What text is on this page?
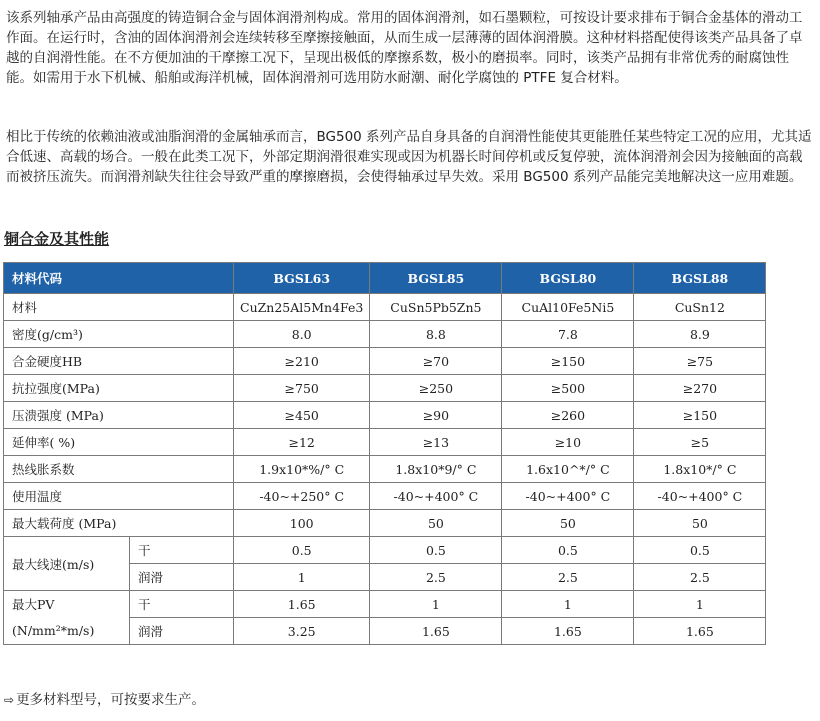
该系列轴承产品由高强度的铸造铜合金与固体润滑剂构成。常用的固体润滑剂，如石墨颗粒，可按设计要求排布于铜合金基体的滑动工作面。在运行时，含油的固体润滑剂会连续转移至摩擦接触面，从而生成一层薄薄的固体润滑膜。这种材料搭配使得该类产品具备了卓越的自润滑性能。在不方便加油的干摩擦工况下，呈现出极低的摩擦系数，极小的磨损率。同时，该类产品拥有非常优秀的耐腐蚀性能。如需用于水下机械、船舶或海洋机械，固体润滑剂可选用防水耐潮、耐化学腐蚀的 PTFE 复合材料。

相比于传统的依赖油液或油脂润滑的金属轴承而言，BG500 系列产品自身具备的自润滑性能使其更能胜任某些特定工况的应用，尤其适合低速、高载的场合。一般在此类工况下，外部定期润滑很难实现或因为机器长时间停机或反复停驶，流体润滑剂会因为接触面的高载而被挤压流失。而润滑剂缺失往往会导致严重的摩擦磨损，会使得轴承过早失效。采用 BG500 系列产品能完美地解决这一应用难题。

铜合金及其性能
材料代码		BGSL63	BGSL85	BGSL80	BGSL88
材料		CuZn25Al5Mn4Fe3	CuSn5Pb5Zn5	CuAl10Fe5Ni5	CuSn12
密度(g/cm³)		8.0	8.8	7.8	8.9
合金硬度HB		≥210	≥70	≥150	≥75
抗拉强度(MPa)		≥750	≥250	≥500	≥270
压溃强度 (MPa)		≥450	≥90	≥260	≥150
延伸率( %)		≥12	≥13	≥10	≥5
热线胀系数		1.9x10*%/° C	1.8x10*9/° C	1.6x10^*/° C	1.8x10*/° C
使用温度		-40~+250° C	-40~+400° C	-40~+400° C	-40~+400° C
最大载荷度 (MPa)		100	50	50	50
最大线速(m/s)	干	0.5	0.5	0.5	0.5
	润滑	1	2.5	2.5	2.5
最大PV
(N/mm²*m/s)	干	1.65	1	1	1
	润滑	3.25	1.65	1.65	1.65

⇨ 更多材料型号，可按要求生产。
